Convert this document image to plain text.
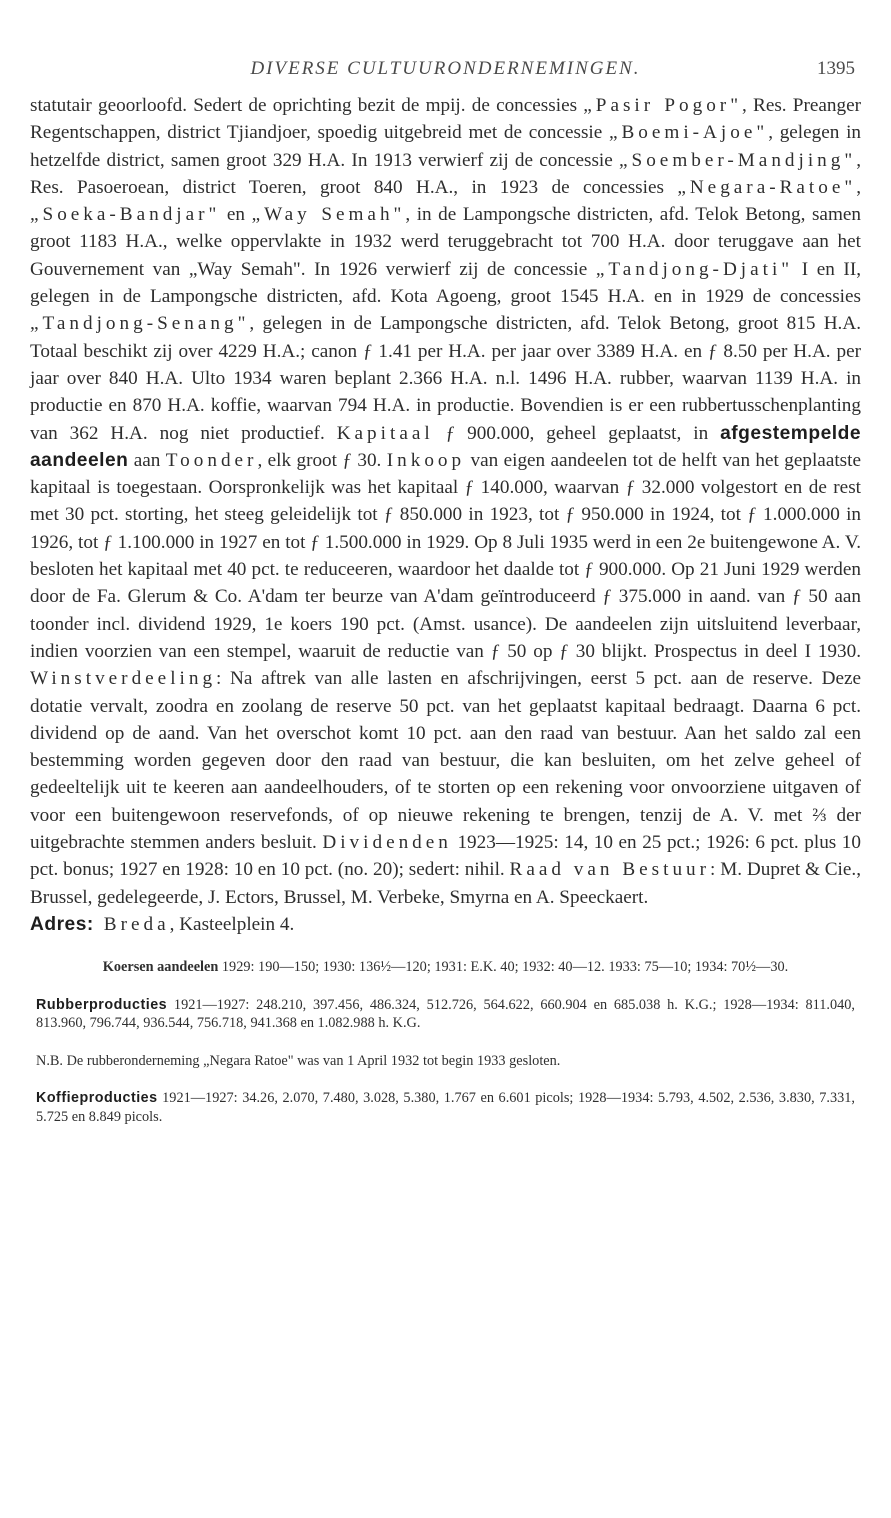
DIVERSE CULTUURONDERNEMINGEN.	1395

statutair geoorloofd. Sedert de oprichting bezit de mpij. de concessies „Pasir Pogor", Res. Preanger Regentschappen, district Tjiandjoer, spoedig uitgebreid met de concessie „Boemi-Ajoe", gelegen in hetzelfde district, samen groot 329 H.A. In 1913 verwierf zij de concessie „Soember-Mandjing", Res. Pasoeroean, district Toeren, groot 840 H.A., in 1923 de concessies „Negara-Ratoe", „Soeka-Bandjar" en „Way Semah", in de Lampongsche districten, afd. Telok Betong, samen groot 1183 H.A., welke oppervlakte in 1932 werd teruggebracht tot 700 H.A. door teruggave aan het Gouvernement van „Way Semah". In 1926 verwierf zij de concessie „Tandjong-Djati" I en II, gelegen in de Lampongsche districten, afd. Kota Agoeng, groot 1545 H.A. en in 1929 de concessies „Tandjong-Senang", gelegen in de Lampongsche districten, afd. Telok Betong, groot 815 H.A. Totaal beschikt zij over 4229 H.A.; canon ƒ 1.41 per H.A. per jaar over 3389 H.A. en ƒ 8.50 per H.A. per jaar over 840 H.A. Ulto 1934 waren beplant 2.366 H.A. n.l. 1496 H.A. rubber, waarvan 1139 H.A. in productie en 870 H.A. koffie, waarvan 794 H.A. in productie. Bovendien is er een rubbertusschenplanting van 362 H.A. nog niet productief. Kapitaal ƒ 900.000, geheel geplaatst, in afgestempelde aandeelen aan Toonder, elk groot ƒ 30. Inkoop van eigen aandeelen tot de helft van het geplaatste kapitaal is toegestaan. Oorspronkelijk was het kapitaal ƒ 140.000, waarvan ƒ 32.000 volgestort en de rest met 30 pct. storting, het steeg geleidelijk tot ƒ 850.000 in 1923, tot ƒ 950.000 in 1924, tot ƒ 1.000.000 in 1926, tot ƒ 1.100.000 in 1927 en tot ƒ 1.500.000 in 1929. Op 8 Juli 1935 werd in een 2e buitengewone A. V. besloten het kapitaal met 40 pct. te reduceeren, waardoor het daalde tot ƒ 900.000. Op 21 Juni 1929 werden door de Fa. Glerum & Co. A'dam ter beurze van A'dam geïntroduceerd ƒ 375.000 in aand. van ƒ 50 aan toonder incl. dividend 1929, 1e koers 190 pct. (Amst. usance). De aandeelen zijn uitsluitend leverbaar, indien voorzien van een stempel, waaruit de reductie van ƒ 50 op ƒ 30 blijkt. Prospectus in deel I 1930. Winstverdeeling: Na aftrek van alle lasten en afschrijvingen, eerst 5 pct. aan de reserve. Deze dotatie vervalt, zoodra en zoolang de reserve 50 pct. van het geplaatst kapitaal bedraagt. Daarna 6 pct. dividend op de aand. Van het overschot komt 10 pct. aan den raad van bestuur. Aan het saldo zal een bestemming worden gegeven door den raad van bestuur, die kan besluiten, om het zelve geheel of gedeeltelijk uit te keeren aan aandeelhouders, of te storten op een rekening voor onvoorziene uitgaven of voor een buitengewoon reservefonds, of op nieuwe rekening te brengen, tenzij de A. V. met ⅔ der uitgebrachte stemmen anders besluit. Dividenden 1923—1925: 14, 10 en 25 pct.; 1926: 6 pct. plus 10 pct. bonus; 1927 en 1928: 10 en 10 pct. (no. 20); sedert: nihil. Raad van Bestuur: M. Dupret & Cie., Brussel, gedelegeerde, J. Ectors, Brussel, M. Verbeke, Smyrna en A. Speeckaert.

Adres: Breda, Kasteelplein 4.

Koersen aandeelen 1929: 190—150; 1930: 136½—120; 1931: E.K. 40; 1932: 40—12. 1933: 75—10; 1934: 70½—30.

Rubberproducties 1921—1927: 248.210, 397.456, 486.324, 512.726, 564.622, 660.904 en 685.038 h. K.G.; 1928—1934: 811.040, 813.960, 796.744, 936.544, 756.718, 941.368 en 1.082.988 h. K.G.

N.B. De rubberonderneming „Negara Ratoe" was van 1 April 1932 tot begin 1933 gesloten.

Koffieproducties 1921—1927: 34.26, 2.070, 7.480, 3.028, 5.380, 1.767 en 6.601 picols; 1928—1934: 5.793, 4.502, 2.536, 3.830, 7.331, 5.725 en 8.849 picols.
